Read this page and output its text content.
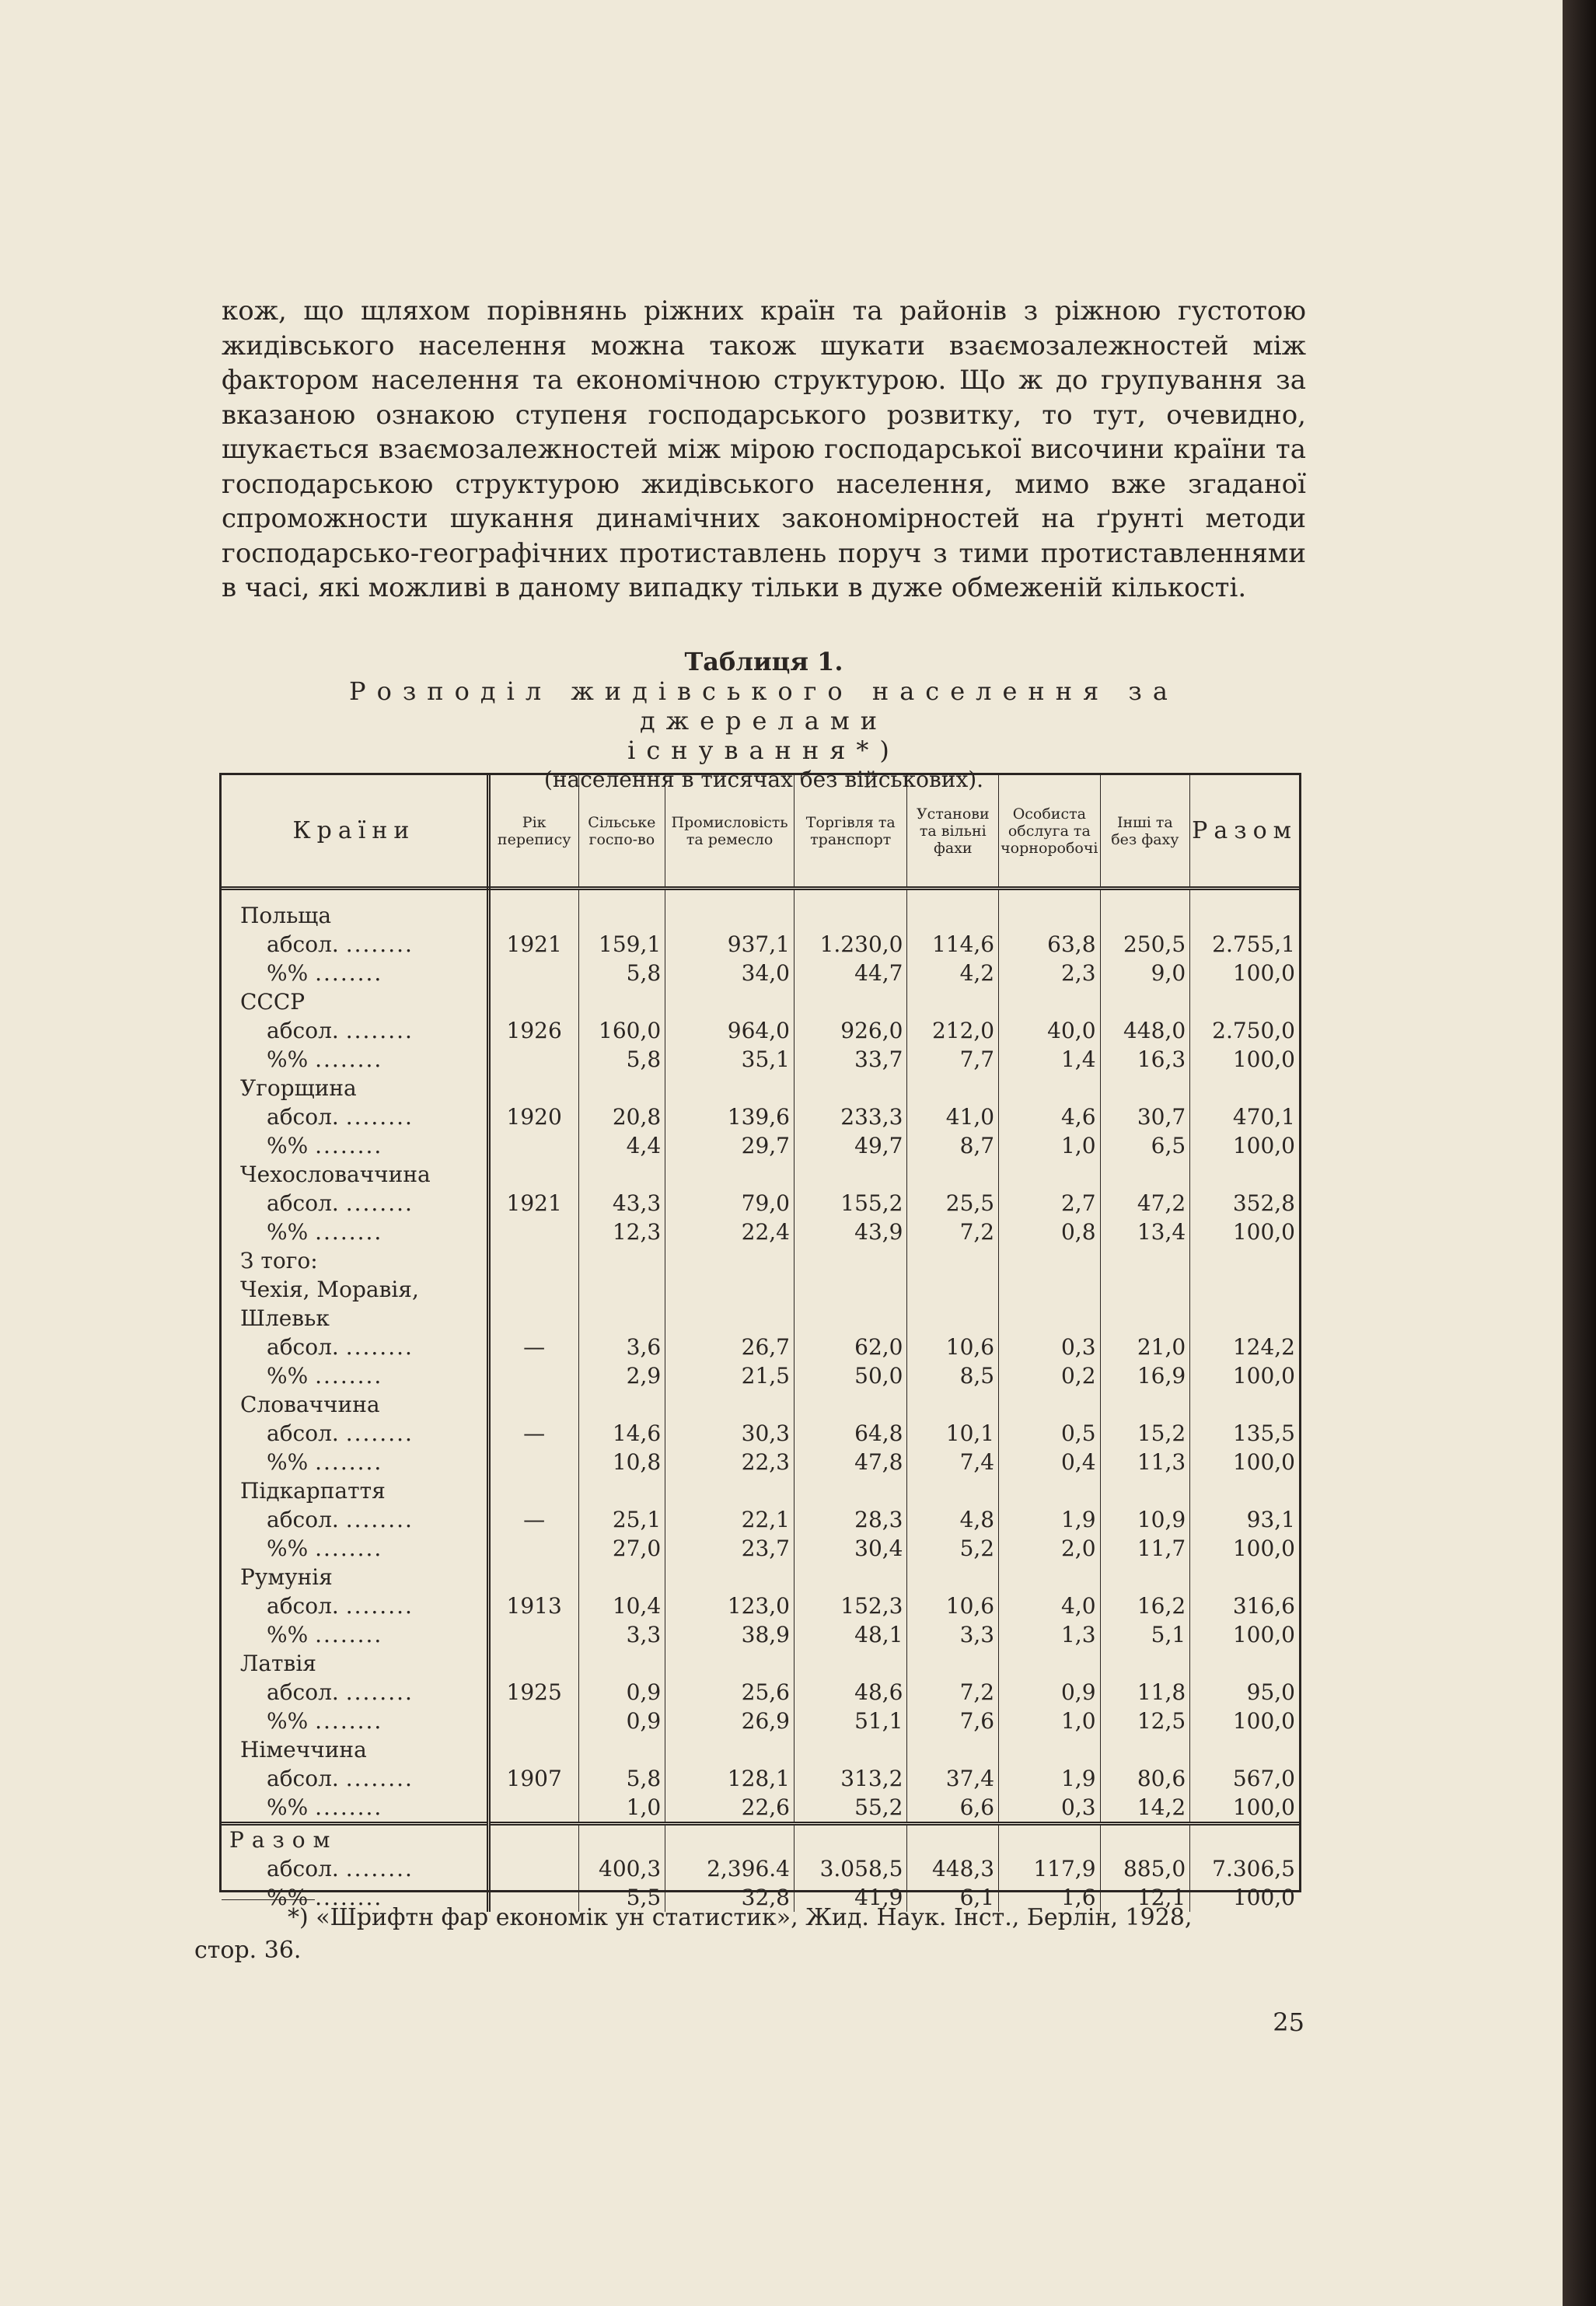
кож, що щляхом порівнянь ріжних країн та районів з ріжною густотою жидівського населення можна також шукати взаємозалежностей між фактором населення та економічною структурою. Що ж до групування за вказаною ознакою ступеня господарського розвитку, то тут, очевидно, шукається взаємозалежностей між мірою господарської височини країни та господарською структурою жидівського населення, мимо вже згаданої спроможности шукання динамічних закономірностей на ґрунті методи господарсько-географічних протиставлень поруч з тими протиставленнями в часі, які можливі в даному випадку тільки в дуже обмеженій кількості.

Таблиця 1.
Розподіл жидівського населення за джерелами
існування*)
(населення в тисячах без військових).
Країни	Рік перепису	Сільське госпо-во	Промисловість та ремесло	Торгівля та транспорт	Установи та вільні фахи	Особиста обслуга та чорноробочі	Інші та без фаху	Разом
Польща								
абсол. ........	1921	159,1	937,1	1.230,0	114,6	63,8	250,5	2.755,1
%% ........		5,8	34,0	44,7	4,2	2,3	9,0	100,0
СССР								
абсол. ........	1926	160,0	964,0	926,0	212,0	40,0	448,0	2.750,0
%% ........		5,8	35,1	33,7	7,7	1,4	16,3	100,0
Угорщина								
абсол. ........	1920	20,8	139,6	233,3	41,0	4,6	30,7	470,1
%% ........		4,4	29,7	49,7	8,7	1,0	6,5	100,0
Чехословаччина								
абсол. ........	1921	43,3	79,0	155,2	25,5	2,7	47,2	352,8
%% ........		12,3	22,4	43,9	7,2	0,8	13,4	100,0
З того:								
Чехія, Моравія,								
Шлевьк								
абсол. ........	—	3,6	26,7	62,0	10,6	0,3	21,0	124,2
%% ........		2,9	21,5	50,0	8,5	0,2	16,9	100,0
Словаччина								
абсол. ........	—	14,6	30,3	64,8	10,1	0,5	15,2	135,5
%% ........		10,8	22,3	47,8	7,4	0,4	11,3	100,0
Підкарпаття								
абсол. ........	—	25,1	22,1	28,3	4,8	1,9	10,9	93,1
%% ........		27,0	23,7	30,4	5,2	2,0	11,7	100,0
Румунія								
абсол. ........	1913	10,4	123,0	152,3	10,6	4,0	16,2	316,6
%% ........		3,3	38,9	48,1	3,3	1,3	5,1	100,0
Латвія								
абсол. ........	1925	0,9	25,6	48,6	7,2	0,9	11,8	95,0
%% ........		0,9	26,9	51,1	7,6	1,0	12,5	100,0
Німеччина								
абсол. ........	1907	5,8	128,1	313,2	37,4	1,9	80,6	567,0
%% ........		1,0	22,6	55,2	6,6	0,3	14,2	100,0
Разом								
абсол. ........		400,3	2,396.4	3.058,5	448,3	117,9	885,0	7.306,5
%% ........		5,5	32,8	41,9	6,1	1,6	12,1	100,0

*) «Шрифтн фар економік ун статистик», Жид. Наук. Інст., Берлін, 1928,

стор. 36.
25
